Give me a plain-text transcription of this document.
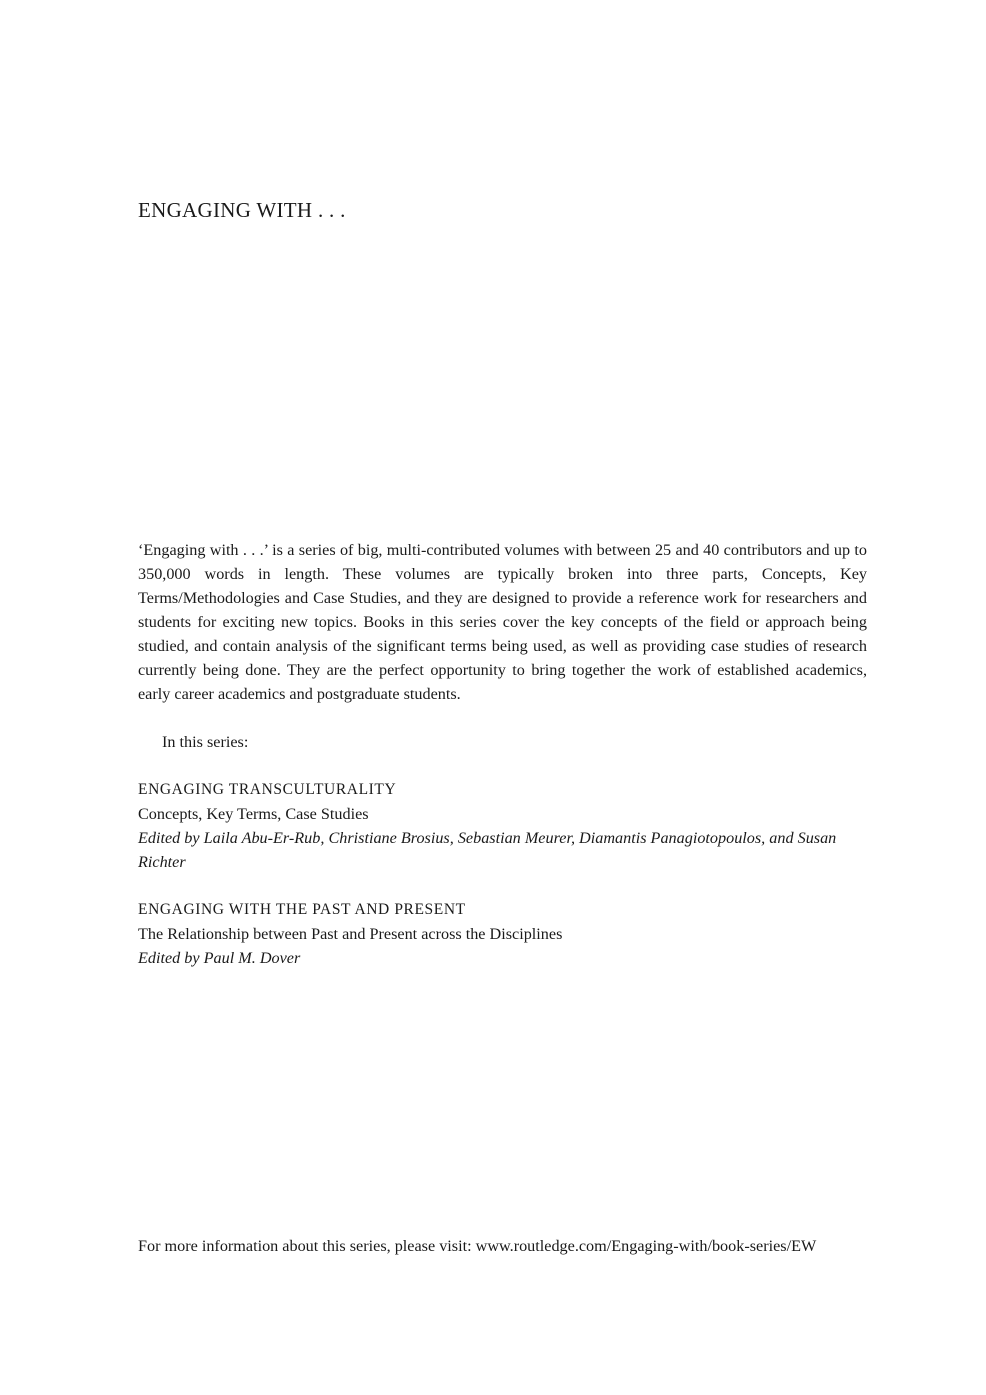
ENGAGING WITH . . .

‘Engaging with . . .’ is a series of big, multi-contributed volumes with between 25 and 40 contributors and up to 350,000 words in length. These volumes are typically broken into three parts, Concepts, Key Terms/Methodologies and Case Studies, and they are designed to provide a reference work for researchers and students for exciting new topics. Books in this series cover the key concepts of the field or approach being studied, and contain analysis of the significant terms being used, as well as providing case studies of research currently being done. They are the perfect opportunity to bring together the work of established academics, early career academics and postgraduate students.

In this series:

ENGAGING TRANSCULTURALITY
Concepts, Key Terms, Case Studies
Edited by Laila Abu-Er-Rub, Christiane Brosius, Sebastian Meurer, Diamantis Panagiotopoulos, and Susan Richter
ENGAGING WITH THE PAST AND PRESENT
The Relationship between Past and Present across the Disciplines
Edited by Paul M. Dover

For more information about this series, please visit: www.routledge.com/Engaging-with/book-series/EW
